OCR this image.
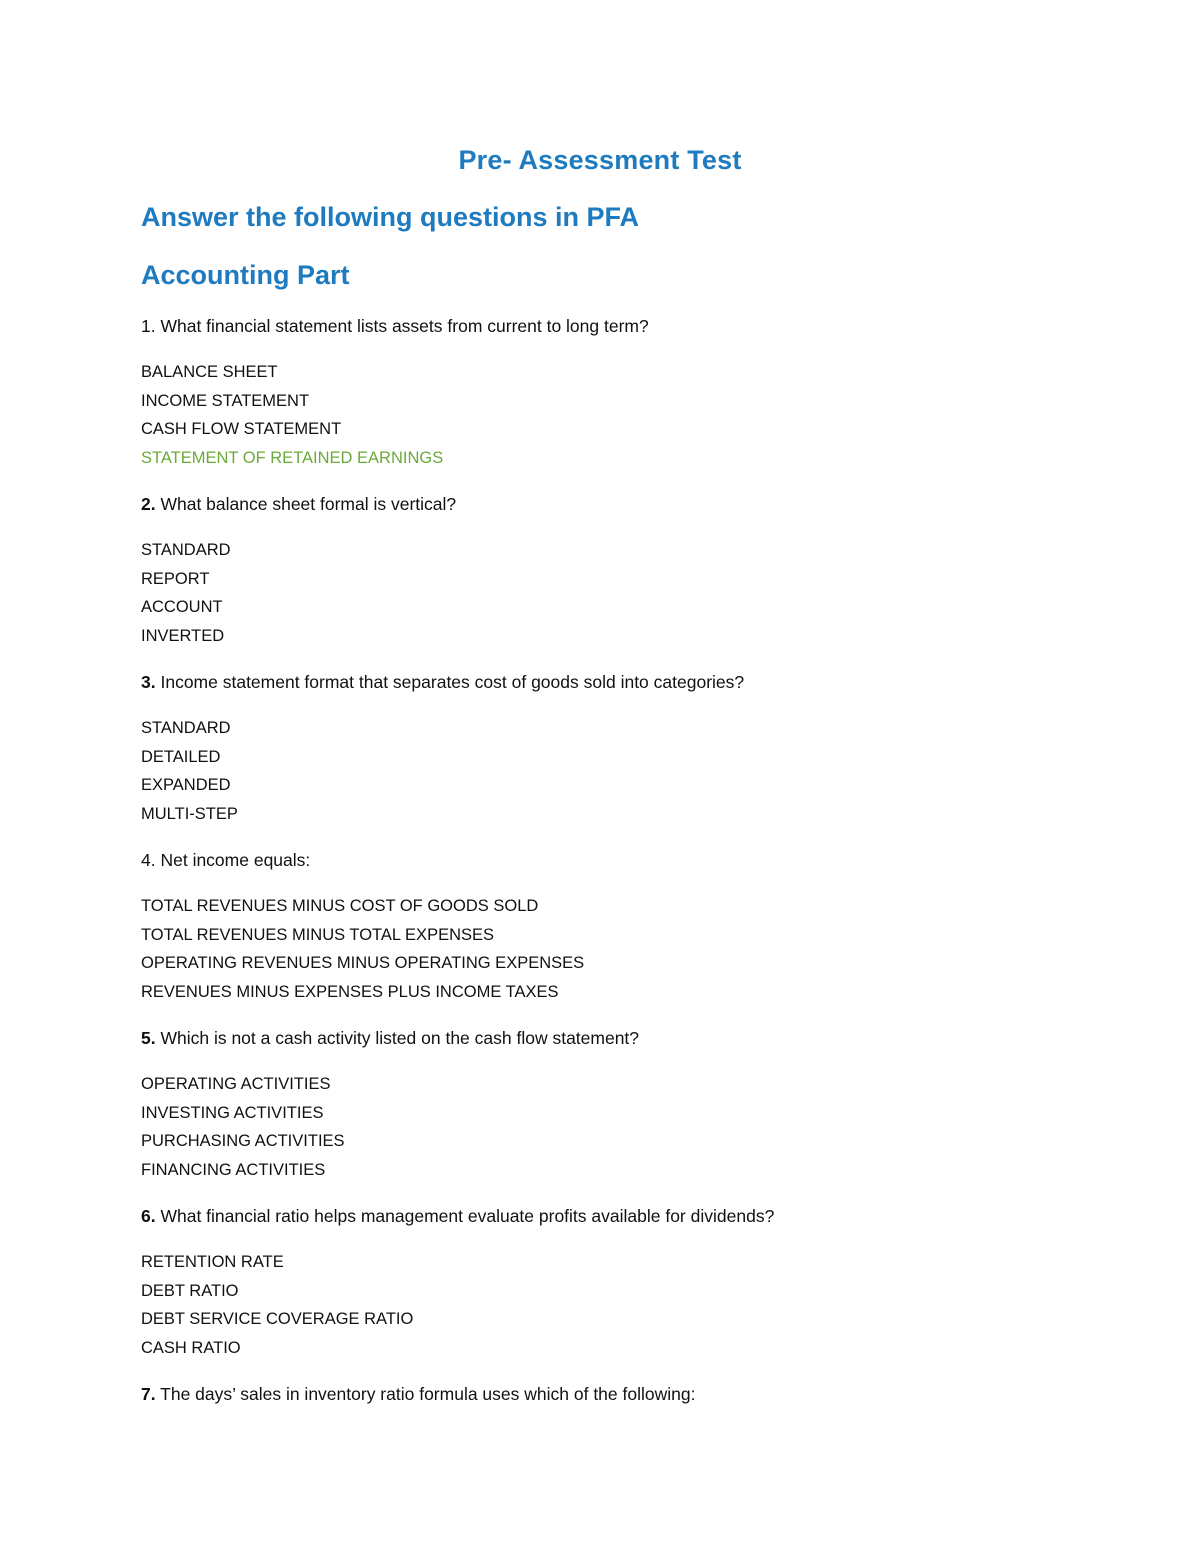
Pre- Assessment Test
Answer the following questions in PFA
Accounting Part
1. What financial statement lists assets from current to long term?
BALANCE SHEET
INCOME STATEMENT
CASH FLOW STATEMENT
STATEMENT OF RETAINED EARNINGS
2. What balance sheet formal is vertical?
STANDARD
REPORT
ACCOUNT
INVERTED
3. Income statement format that separates cost of goods sold into categories?
STANDARD
DETAILED
EXPANDED
MULTI-STEP
4. Net income equals:
TOTAL REVENUES MINUS COST OF GOODS SOLD
TOTAL REVENUES MINUS TOTAL EXPENSES
OPERATING REVENUES MINUS OPERATING EXPENSES
REVENUES MINUS EXPENSES PLUS INCOME TAXES
5. Which is not a cash activity listed on the cash flow statement?
OPERATING ACTIVITIES
INVESTING ACTIVITIES
PURCHASING ACTIVITIES
FINANCING ACTIVITIES
6. What financial ratio helps management evaluate profits available for dividends?
RETENTION RATE
DEBT RATIO
DEBT SERVICE COVERAGE RATIO
CASH RATIO
7. The days’ sales in inventory ratio formula uses which of the following:
